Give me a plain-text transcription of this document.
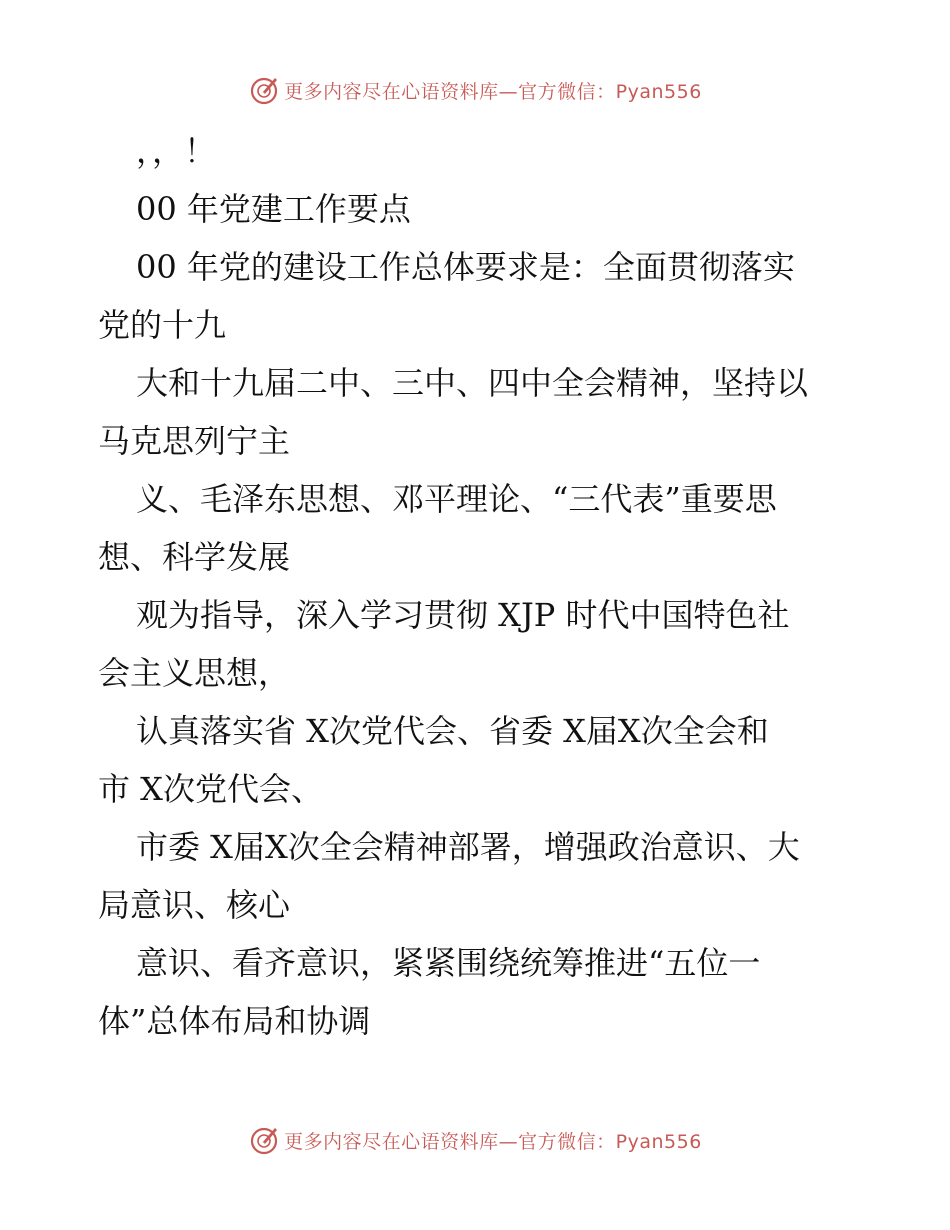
更多内容尽在心语资料库—官方微信：Pyan556
，，！
00 年党建工作要点
00 年党的建设工作总体要求是：全面贯彻落实
党的十九
大和十九届二中、三中、四中全会精神，坚持以
马克思列宁主
义、毛泽东思想、邓平理论、“三代表”重要思
想、科学发展
观为指导，深入学习贯彻 XJP 时代中国特色社
会主义思想，
认真落实省 X次党代会、省委 X届X次全会和
市 X次党代会、
市委 X届X次全会精神部署，增强政治意识、大
局意识、核心
意识、看齐意识，紧紧围绕统筹推进“五位一
体”总体布局和协调
更多内容尽在心语资料库—官方微信：Pyan556
